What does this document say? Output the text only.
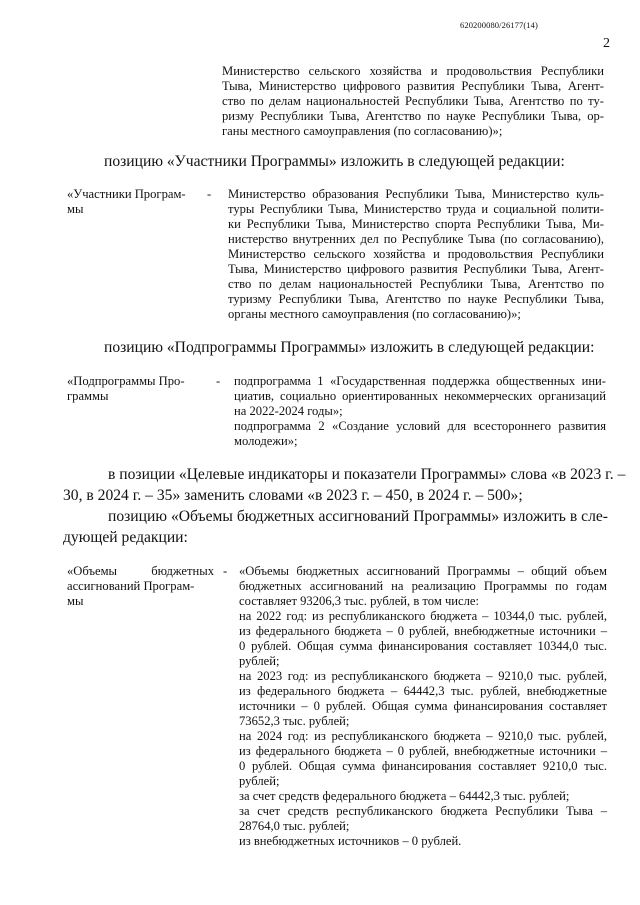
620200080/26177(14)
2
Министерство сельского хозяйства и продовольствия Республики
Тыва, Министерство цифрового развития Республики Тыва, Агент-
ство по делам национальностей Республики Тыва, Агентство по ту-
ризму Республики Тыва, Агентство по науке Республики Тыва, ор-
ганы местного самоуправления (по согласованию)»;
позицию «Участники Программы» изложить в следующей редакции:
«Участники Програм-
мы
- Министерство образования Республики Тыва, Министерство куль-
туры Республики Тыва, Министерство труда и социальной полити-
ки Республики Тыва, Министерство спорта Республики Тыва, Ми-
нистерство внутренних дел по Республике Тыва (по согласованию),
Министерство сельского хозяйства и продовольствия Республики
Тыва, Министерство цифрового развития Республики Тыва, Агент-
ство по делам национальностей Республики Тыва, Агентство по
туризму Республики Тыва, Агентство по науке Республики Тыва,
органы местного самоуправления (по согласованию)»;
позицию «Подпрограммы Программы» изложить в следующей редакции:
«Подпрограммы Про-
граммы
- подпрограмма 1 «Государственная поддержка общественных ини-
циатив, социально ориентированных некоммерческих организаций
на 2022-2024 годы»;
подпрограмма 2 «Создание условий для всестороннего развития
молодежи»;
в позиции «Целевые индикаторы и показатели Программы» слова «в 2023 г. –
30, в 2024 г. – 35» заменить словами «в 2023 г. – 450, в 2024 г. – 500»;
позицию «Объемы бюджетных ассигнований Программы» изложить в сле-
дующей редакции:
«Объемы бюджетных
ассигнований Програм-
мы
- «Объемы бюджетных ассигнований Программы – общий объем
бюджетных ассигнований на реализацию Программы по годам
составляет 93206,3 тыс. рублей, в том числе:
на 2022 год: из республиканского бюджета – 10344,0 тыс. рублей,
из федерального бюджета – 0 рублей, внебюджетные источники –
0 рублей. Общая сумма финансирования составляет 10344,0 тыс.
рублей;
на 2023 год: из республиканского бюджета – 9210,0 тыс. рублей,
из федерального бюджета – 64442,3 тыс. рублей, внебюджетные
источники – 0 рублей. Общая сумма финансирования составляет
73652,3 тыс. рублей;
на 2024 год: из республиканского бюджета – 9210,0 тыс. рублей,
из федерального бюджета – 0 рублей, внебюджетные источники –
0 рублей. Общая сумма финансирования составляет 9210,0 тыс.
рублей;
за счет средств федерального бюджета – 64442,3 тыс. рублей;
за счет средств республиканского бюджета Республики Тыва –
28764,0 тыс. рублей;
из внебюджетных источников – 0 рублей.
